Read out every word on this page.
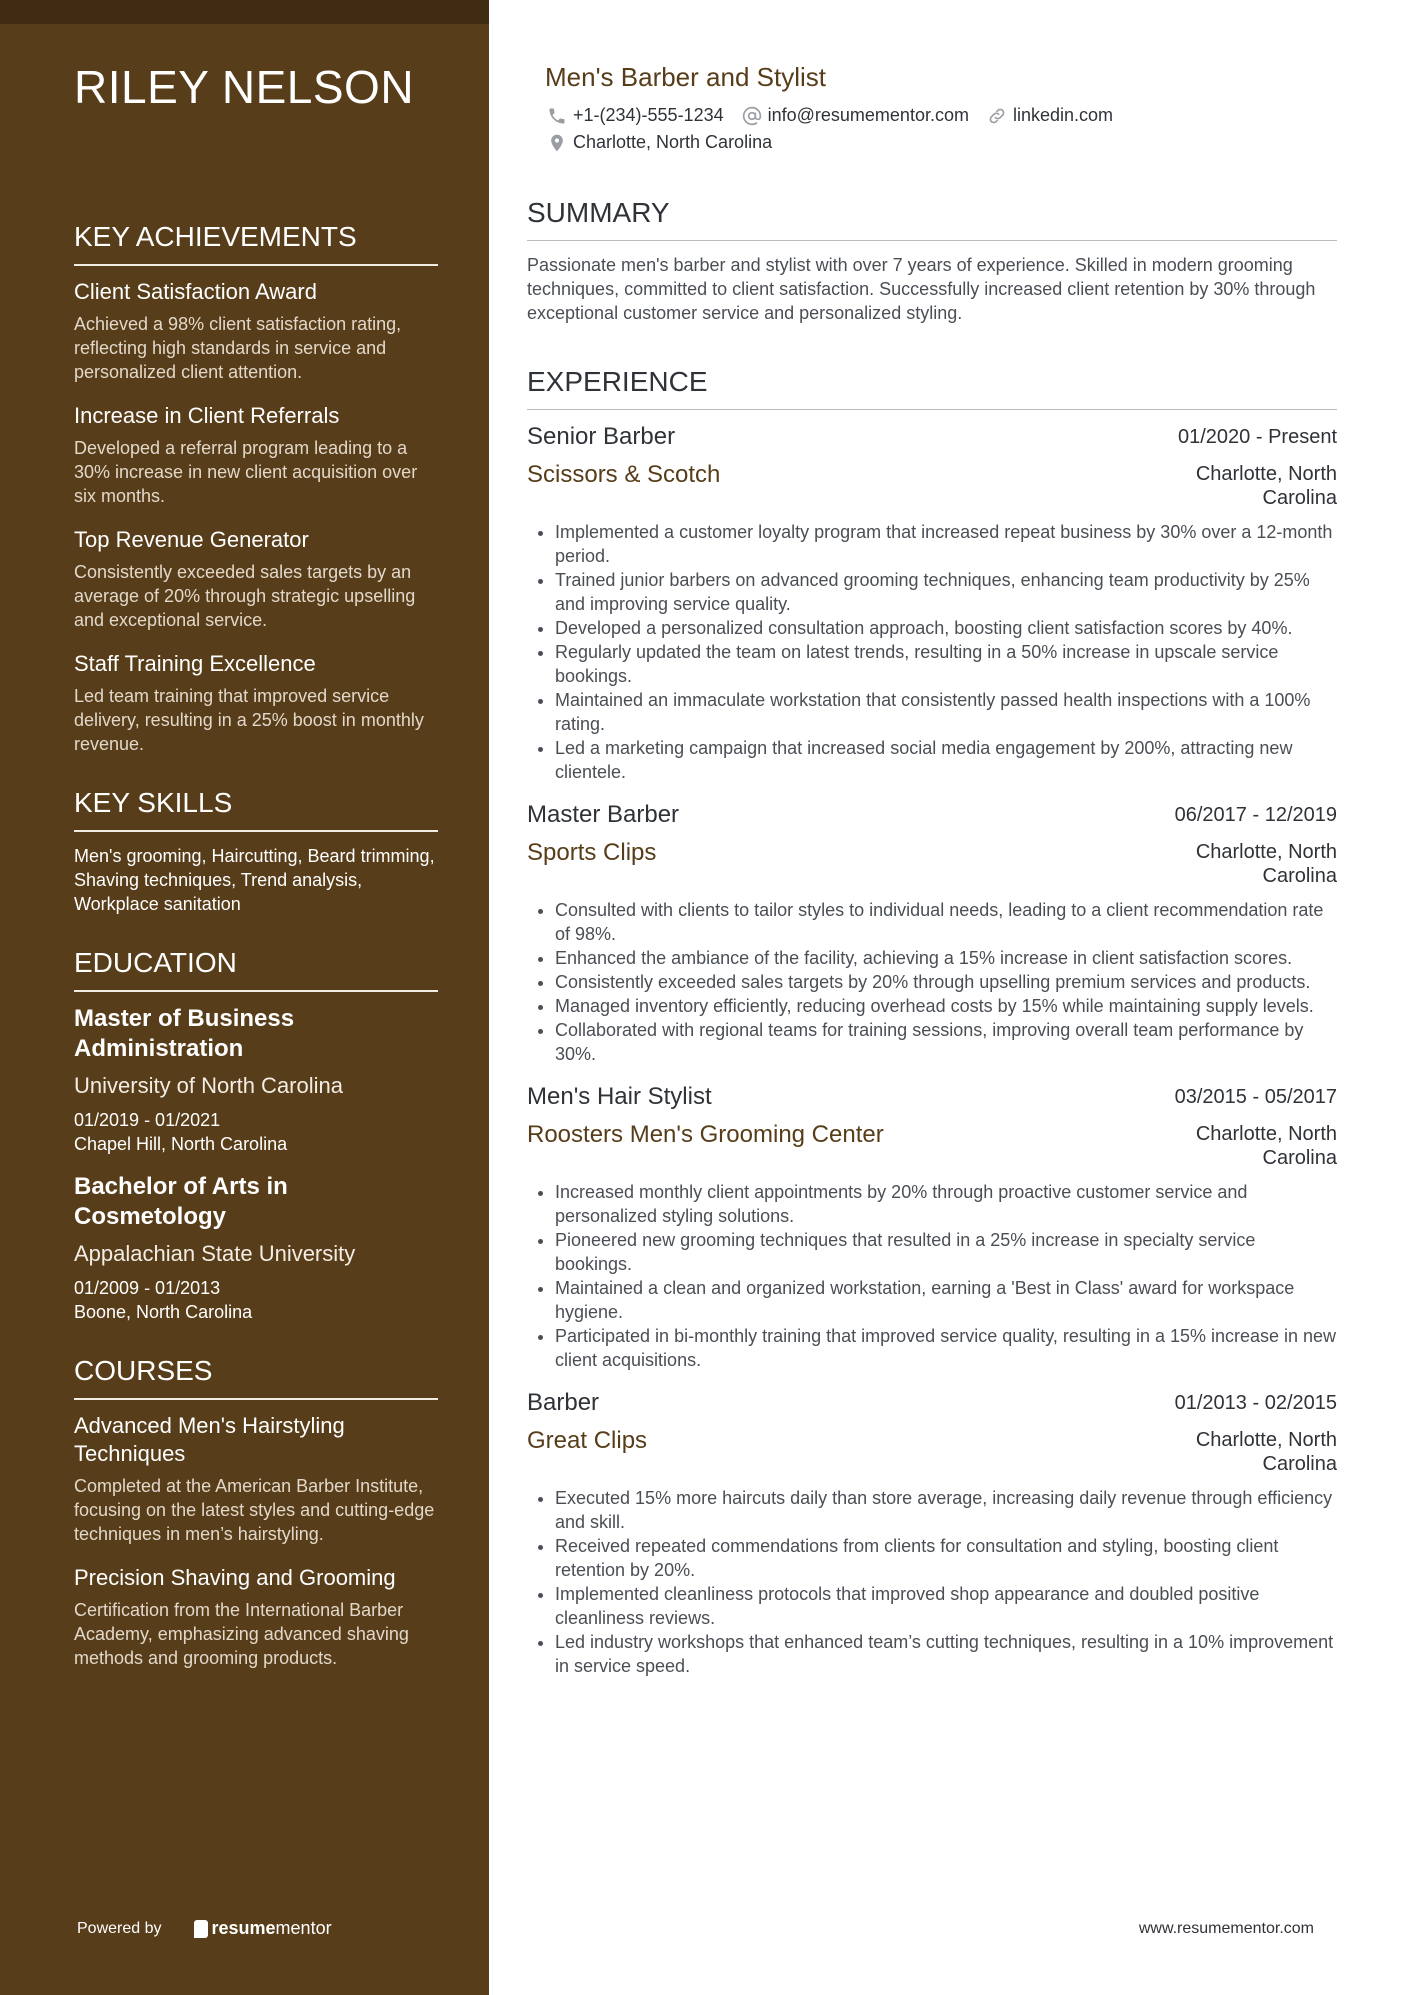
RILEY NELSON
KEY ACHIEVEMENTS
Client Satisfaction Award
Achieved a 98% client satisfaction rating, reflecting high standards in service and personalized client attention.
Increase in Client Referrals
Developed a referral program leading to a 30% increase in new client acquisition over six months.
Top Revenue Generator
Consistently exceeded sales targets by an average of 20% through strategic upselling and exceptional service.
Staff Training Excellence
Led team training that improved service delivery, resulting in a 25% boost in monthly revenue.
KEY SKILLS
Men's grooming, Haircutting, Beard trimming, Shaving techniques, Trend analysis, Workplace sanitation
EDUCATION
Master of Business Administration
University of North Carolina
01/2019 - 01/2021
Chapel Hill, North Carolina
Bachelor of Arts in Cosmetology
Appalachian State University
01/2009 - 01/2013
Boone, North Carolina
COURSES
Advanced Men's Hairstyling Techniques
Completed at the American Barber Institute, focusing on the latest styles and cutting-edge techniques in men’s hairstyling.
Precision Shaving and Grooming
Certification from the International Barber Academy, emphasizing advanced shaving methods and grooming products.
Powered by	resume mentor
Men's Barber and Stylist
+1-(234)-555-1234 info@resumementor.com linkedin.com
Charlotte, North Carolina
SUMMARY
Passionate men's barber and stylist with over 7 years of experience. Skilled in modern grooming techniques, committed to client satisfaction. Successfully increased client retention by 30% through exceptional customer service and personalized styling.
EXPERIENCE
Senior Barber	01/2020 - Present
Scissors & Scotch	Charlotte, North Carolina
• Implemented a customer loyalty program that increased repeat business by 30% over a 12-month period.
• Trained junior barbers on advanced grooming techniques, enhancing team productivity by 25% and improving service quality.
• Developed a personalized consultation approach, boosting client satisfaction scores by 40%.
• Regularly updated the team on latest trends, resulting in a 50% increase in upscale service bookings.
• Maintained an immaculate workstation that consistently passed health inspections with a 100% rating.
• Led a marketing campaign that increased social media engagement by 200%, attracting new clientele.
Master Barber	06/2017 - 12/2019
Sports Clips	Charlotte, North Carolina
• Consulted with clients to tailor styles to individual needs, leading to a client recommendation rate of 98%.
• Enhanced the ambiance of the facility, achieving a 15% increase in client satisfaction scores.
• Consistently exceeded sales targets by 20% through upselling premium services and products.
• Managed inventory efficiently, reducing overhead costs by 15% while maintaining supply levels.
• Collaborated with regional teams for training sessions, improving overall team performance by 30%.
Men's Hair Stylist	03/2015 - 05/2017
Roosters Men's Grooming Center	Charlotte, North Carolina
• Increased monthly client appointments by 20% through proactive customer service and personalized styling solutions.
• Pioneered new grooming techniques that resulted in a 25% increase in specialty service bookings.
• Maintained a clean and organized workstation, earning a 'Best in Class' award for workspace hygiene.
• Participated in bi-monthly training that improved service quality, resulting in a 15% increase in new client acquisitions.
Barber	01/2013 - 02/2015
Great Clips	Charlotte, North Carolina
• Executed 15% more haircuts daily than store average, increasing daily revenue through efficiency and skill.
• Received repeated commendations from clients for consultation and styling, boosting client retention by 20%.
• Implemented cleanliness protocols that improved shop appearance and doubled positive cleanliness reviews.
• Led industry workshops that enhanced team’s cutting techniques, resulting in a 10% improvement in service speed.
www.resumementor.com
